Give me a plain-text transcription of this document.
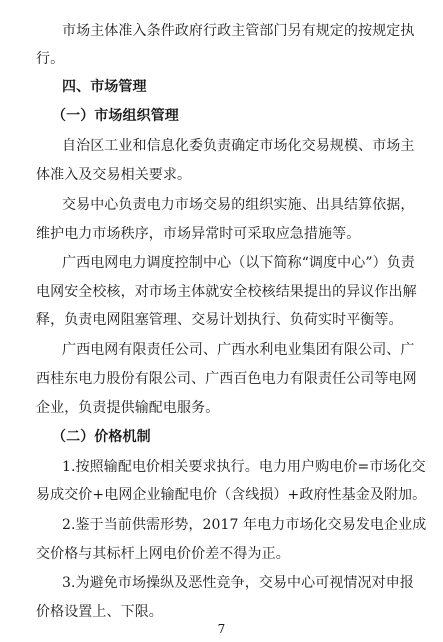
市场主体准入条件政府行政主管部门另有规定的按规定执
行。
四、市场管理
（一）市场组织管理
自治区工业和信息化委负责确定市场化交易规模、市场主
体准入及交易相关要求。
交易中心负责电力市场交易的组织实施、出具结算依据，
维护电力市场秩序，市场异常时可采取应急措施等。
广西电网电力调度控制中心（以下简称“调度中心”）负责
电网安全校核，对市场主体就安全校核结果提出的异议作出解
释，负责电网阻塞管理、交易计划执行、负荷实时平衡等。
广西电网有限责任公司、广西水利电业集团有限公司、广
西桂东电力股份有限公司、广西百色电力有限责任公司等电网
企业，负责提供输配电服务。
（二）价格机制
1.按照输配电价相关要求执行。电力用户购电价=市场化交
易成交价+电网企业输配电价（含线损）+政府性基金及附加。
2.鉴于当前供需形势，2017 年电力市场化交易发电企业成
交价格与其标杆上网电价价差不得为正。
3.为避免市场操纵及恶性竞争，交易中心可视情况对申报
价格设置上、下限。
7
